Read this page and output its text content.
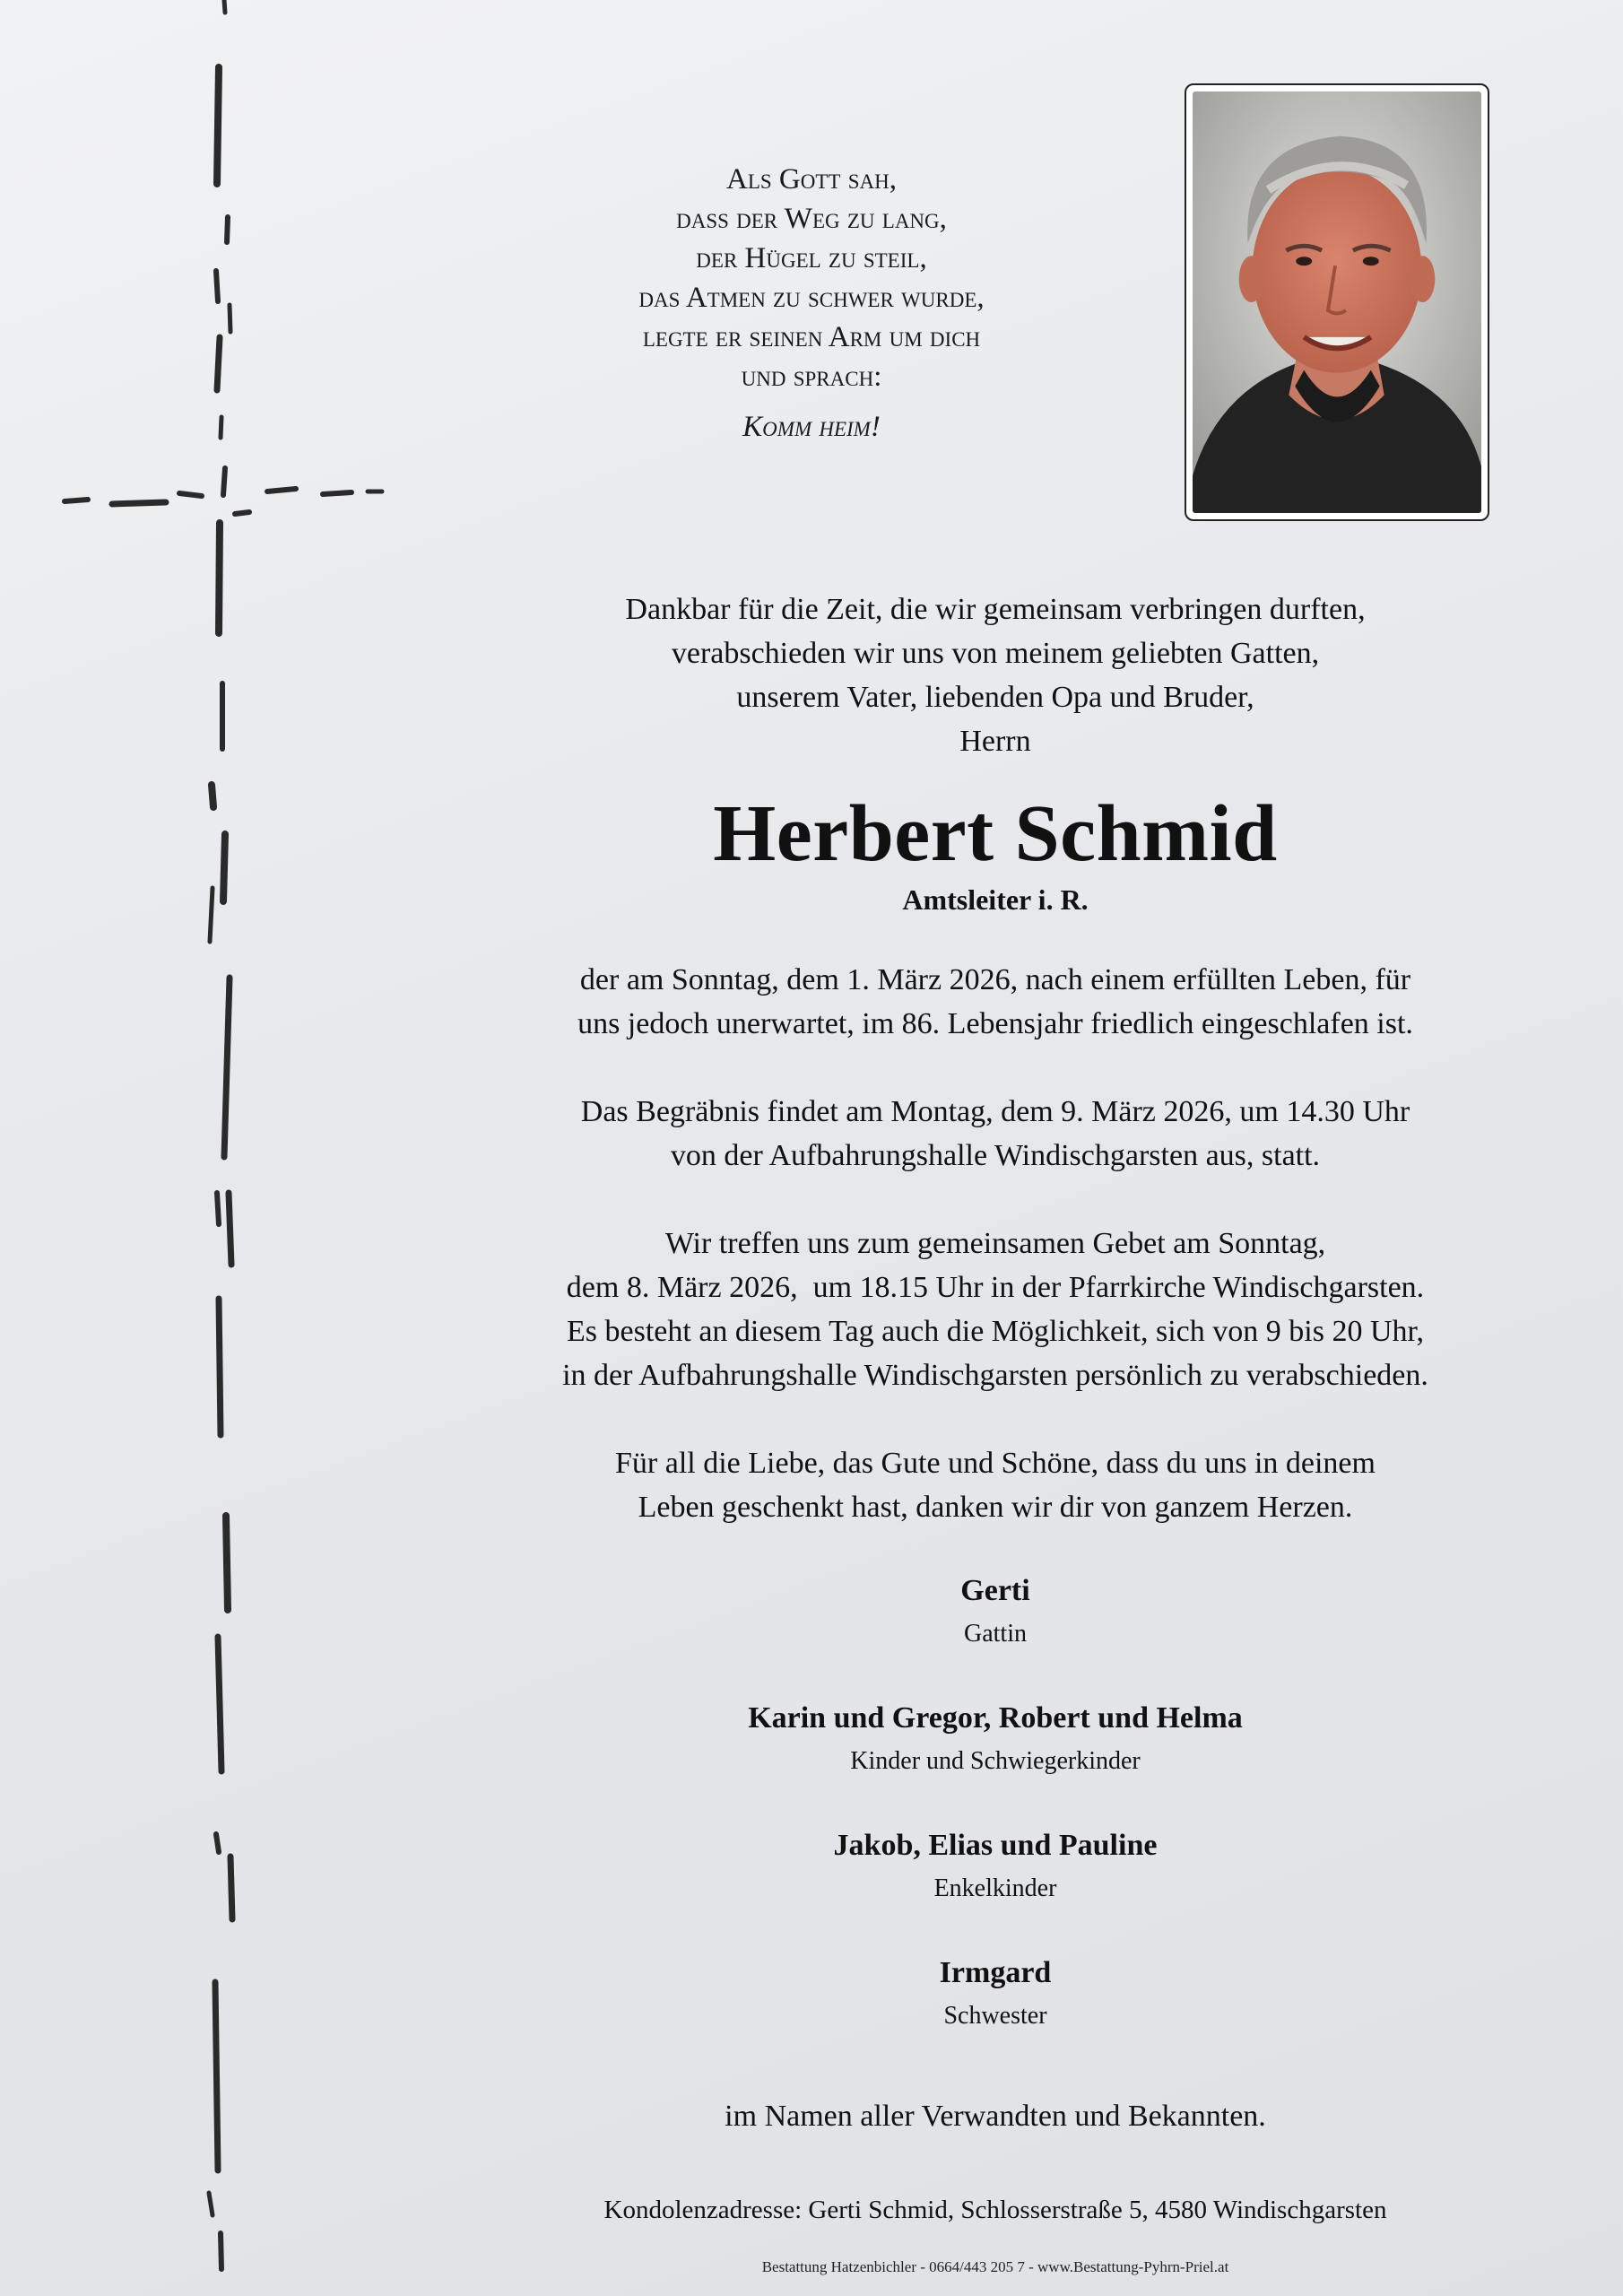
Als Gott sah,
dass der Weg zu lang,
der Hügel zu steil,
das Atmen zu schwer wurde,
legte er seinen Arm um dich
und sprach:
Komm heim!
Dankbar für die Zeit, die wir gemeinsam verbringen durften,
verabschieden wir uns von meinem geliebten Gatten,
unserem Vater, liebenden Opa und Bruder,
Herrn
Herbert Schmid
Amtsleiter i. R.
der am Sonntag, dem 1. März 2026, nach einem erfüllten Leben, für
uns jedoch unerwartet, im 86. Lebensjahr friedlich eingeschlafen ist.
Das Begräbnis findet am Montag, dem 9. März 2026, um 14.30 Uhr
von der Aufbahrungshalle Windischgarsten aus, statt.
Wir treffen uns zum gemeinsamen Gebet am Sonntag,
dem 8. März 2026,  um 18.15 Uhr in der Pfarrkirche Windischgarsten.
Es besteht an diesem Tag auch die Möglichkeit, sich von 9 bis 20 Uhr,
in der Aufbahrungshalle Windischgarsten persönlich zu verabschieden.
Für all die Liebe, das Gute und Schöne, dass du uns in deinem
Leben geschenkt hast, danken wir dir von ganzem Herzen.
Gerti
Gattin
Karin und Gregor, Robert und Helma
Kinder und Schwiegerkinder
Jakob, Elias und Pauline
Enkelkinder
Irmgard
Schwester
im Namen aller Verwandten und Bekannten.
Kondolenzadresse: Gerti Schmid, Schlosserstraße 5, 4580 Windischgarsten
Bestattung Hatzenbichler - 0664/443 205 7 - www.Bestattung-Pyhrn-Priel.at
